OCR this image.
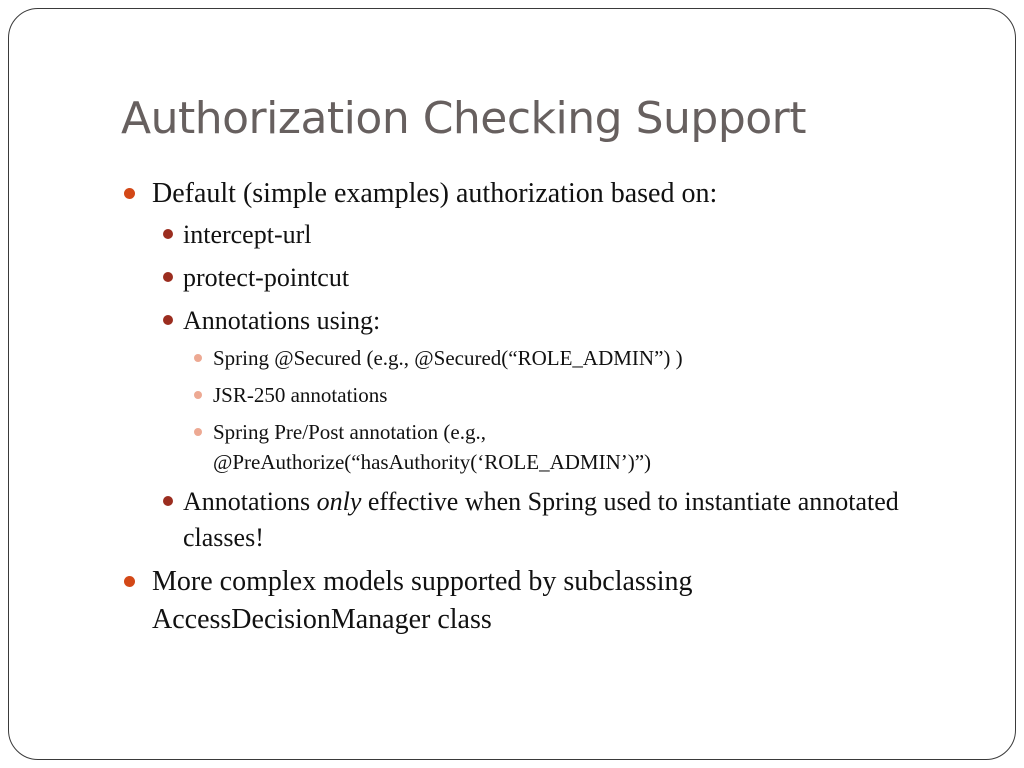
Authorization Checking Support
Default (simple examples) authorization based on:
intercept-url
protect-pointcut
Annotations using:
Spring @Secured (e.g., @Secured(“ROLE_ADMIN”) )
JSR-250 annotations
Spring Pre/Post annotation (e.g., @PreAuthorize(“hasAuthority(‘ROLE_ADMIN’)”)
Annotations only effective when Spring used to instantiate annotated classes!
More complex models supported by subclassing AccessDecisionManager class
